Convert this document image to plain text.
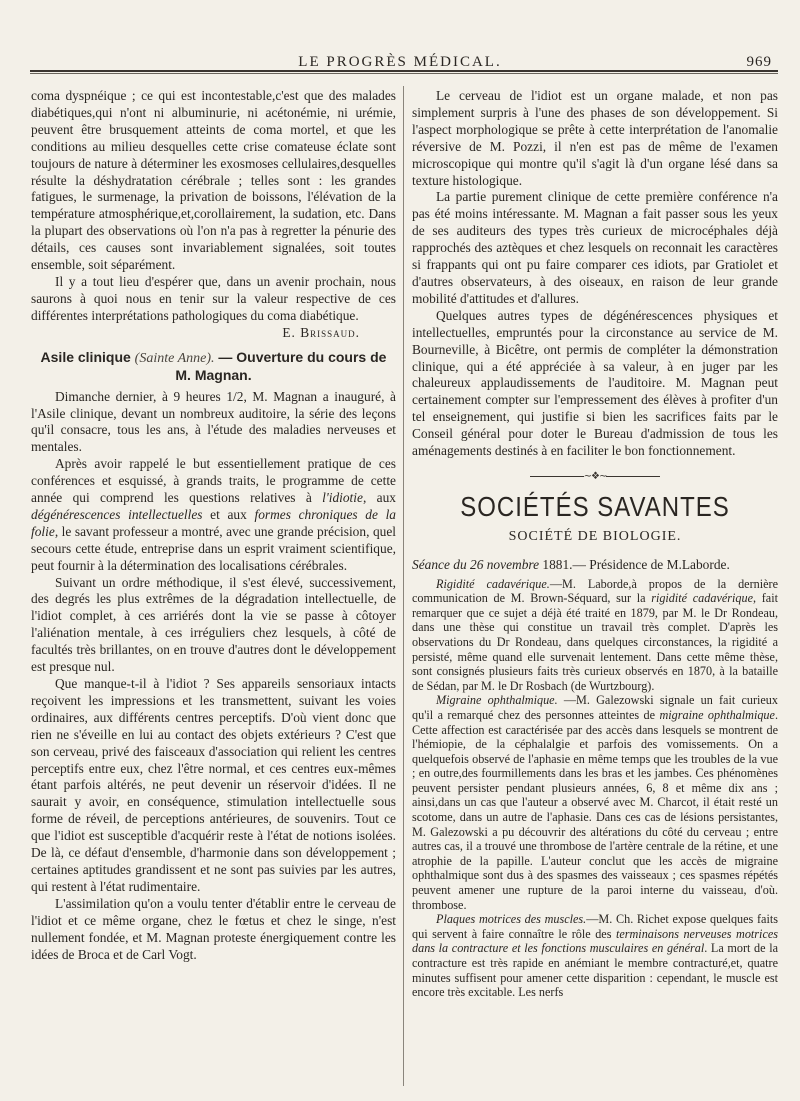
LE PROGRÈS MÉDICAL.	969

coma dyspnéique ; ce qui est incontestable,c'est que des malades diabétiques,qui n'ont ni albuminurie, ni acétonémie, ni urémie, peuvent être brusquement atteints de coma mortel, et que les conditions au milieu desquelles cette crise comateuse éclate sont toujours de nature à déterminer les exosmoses cellulaires,desquelles résulte la déshydratation cérébrale ; telles sont : les grandes fatigues, le surmenage, la privation de boissons, l'élévation de la température atmosphérique,et,corollairement, la sudation, etc. Dans la plupart des observations où l'on n'a pas à regretter la pénurie des détails, ces causes sont invariablement signalées, soit toutes ensemble, soit séparément.

Il y a tout lieu d'espérer que, dans un avenir prochain, nous saurons à quoi nous en tenir sur la valeur respective de ces différentes interprétations pathologiques du coma diabétique.

E. Brissaud.

Asile clinique (Sainte Anne). — Ouverture du cours de M. Magnan.

Dimanche dernier, à 9 heures 1/2, M. Magnan a inauguré, à l'Asile clinique, devant un nombreux auditoire, la série des leçons qu'il consacre, tous les ans, à l'étude des maladies nerveuses et mentales.

Après avoir rappelé le but essentiellement pratique de ces conférences et esquissé, à grands traits, le programme de cette année qui comprend les questions relatives à l'idiotie, aux dégénérescences intellectuelles et aux formes chroniques de la folie, le savant professeur a montré, avec une grande précision, quel secours cette étude, entreprise dans un esprit vraiment scientifique, peut fournir à la détermination des localisations cérébrales.

Suivant un ordre méthodique, il s'est élevé, successivement, des degrés les plus extrêmes de la dégradation intellectuelle, de l'idiot complet, à ces arriérés dont la vie se passe à côtoyer l'aliénation mentale, à ces irréguliers chez lesquels, à côté de facultés très brillantes, on en trouve d'autres dont le développement est presque nul.

Que manque-t-il à l'idiot ? Ses appareils sensoriaux intacts reçoivent les impressions et les transmettent, suivant les voies ordinaires, aux différents centres perceptifs. D'où vient donc que rien ne s'éveille en lui au contact des objets extérieurs ? C'est que son cerveau, privé des faisceaux d'association qui relient les centres perceptifs entre eux, chez l'être normal, et ces centres eux-mêmes étant parfois altérés, ne peut devenir un réservoir d'idées. Il ne saurait y avoir, en conséquence, stimulation intellectuelle sous forme de réveil, de perceptions antérieures, de souvenirs. Tout ce que l'idiot est susceptible d'acquérir reste à l'état de notions isolées. De là, ce défaut d'ensemble, d'harmonie dans son développement ; certaines aptitudes grandissent et ne sont pas suivies par les autres, qui restent à l'état rudimentaire.

L'assimilation qu'on a voulu tenter d'établir entre le cerveau de l'idiot et ce même organe, chez le fœtus et chez le singe, n'est nullement fondée, et M. Magnan proteste énergiquement contre les idées de Broca et de Carl Vogt.

Le cerveau de l'idiot est un organe malade, et non pas simplement surpris à l'une des phases de son développement. Si l'aspect morphologique se prête à cette interprétation de l'anomalie réversive de M. Pozzi, il n'en est pas de même de l'examen microscopique qui montre qu'il s'agit là d'un organe lésé dans sa texture histologique.

La partie purement clinique de cette première conférence n'a pas été moins intéressante. M. Magnan a fait passer sous les yeux de ses auditeurs des types très curieux de microcéphales déjà rapprochés des aztèques et chez lesquels on reconnait les caractères si frappants qui ont pu faire comparer ces idiots, par Gratiolet et d'autres observateurs, à des oiseaux, en raison de leur grande mobilité d'attitudes et d'allures.

Quelques autres types de dégénérescences physiques et intellectuelles, empruntés pour la circonstance au service de M. Bourneville, à Bicêtre, ont permis de compléter la démonstration clinique, qui a été appréciée à sa valeur, à en juger par les chaleureux applaudissements de l'auditoire. M. Magnan peut certainement compter sur l'empressement des élèves à profiter d'un tel enseignement, qui justifie si bien les sacrifices faits par le Conseil général pour doter le Bureau d'admission de tous les aménagements destinés à en faciliter le bon fonctionnement.

∼❖∼
SOCIÉTÉS SAVANTES
SOCIÉTÉ DE BIOLOGIE.

Séance du 26 novembre 1881.— Présidence de M.Laborde.

Rigidité cadavérique.—M. Laborde,à propos de la dernière communication de M. Brown-Séquard, sur la rigidité cadavérique, fait remarquer que ce sujet a déjà été traité en 1879, par M. le Dr Rondeau, dans une thèse qui constitue un travail très complet. D'après les observations du Dr Rondeau, dans quelques circonstances, la rigidité a persisté, même quand elle survenait lentement. Dans cette même thèse, sont consignés plusieurs faits très curieux observés en 1870, à la bataille de Sédan, par M. le Dr Rosbach (de Wurtzbourg).

Migraine ophthalmique. —M. Galezowski signale un fait curieux qu'il a remarqué chez des personnes atteintes de migraine ophthalmique. Cette affection est caractérisée par des accès dans lesquels se montrent de l'hémiopie, de la céphalalgie et parfois des vomissements. On a quelquefois observé de l'aphasie en même temps que les troubles de la vue ; en outre,des fourmillements dans les bras et les jambes. Ces phénomènes peuvent persister pendant plusieurs années, 6, 8 et même dix ans ; ainsi,dans un cas que l'auteur a observé avec M. Charcot, il était resté un scotome, dans un autre de l'aphasie. Dans ces cas de lésions persistantes, M. Galezowski a pu découvrir des altérations du côté du cerveau ; entre autres cas, il a trouvé une thrombose de l'artère centrale de la rétine, et une atrophie de la papille. L'auteur conclut que les accès de migraine ophthalmique sont dus à des spasmes des vaisseaux ; ces spasmes répétés peuvent amener une rupture de la paroi interne du vaisseau, d'où. thrombose.

Plaques motrices des muscles.—M. Ch. Richet expose quelques faits qui servent à faire connaître le rôle des terminaisons nerveuses motrices dans la contracture et les fonctions musculaires en général. La mort de la contracture est très rapide en anémiant le membre contracturé,et, quatre minutes suffisent pour amener cette disparition : cependant, le muscle est encore très excitable. Les nerfs
